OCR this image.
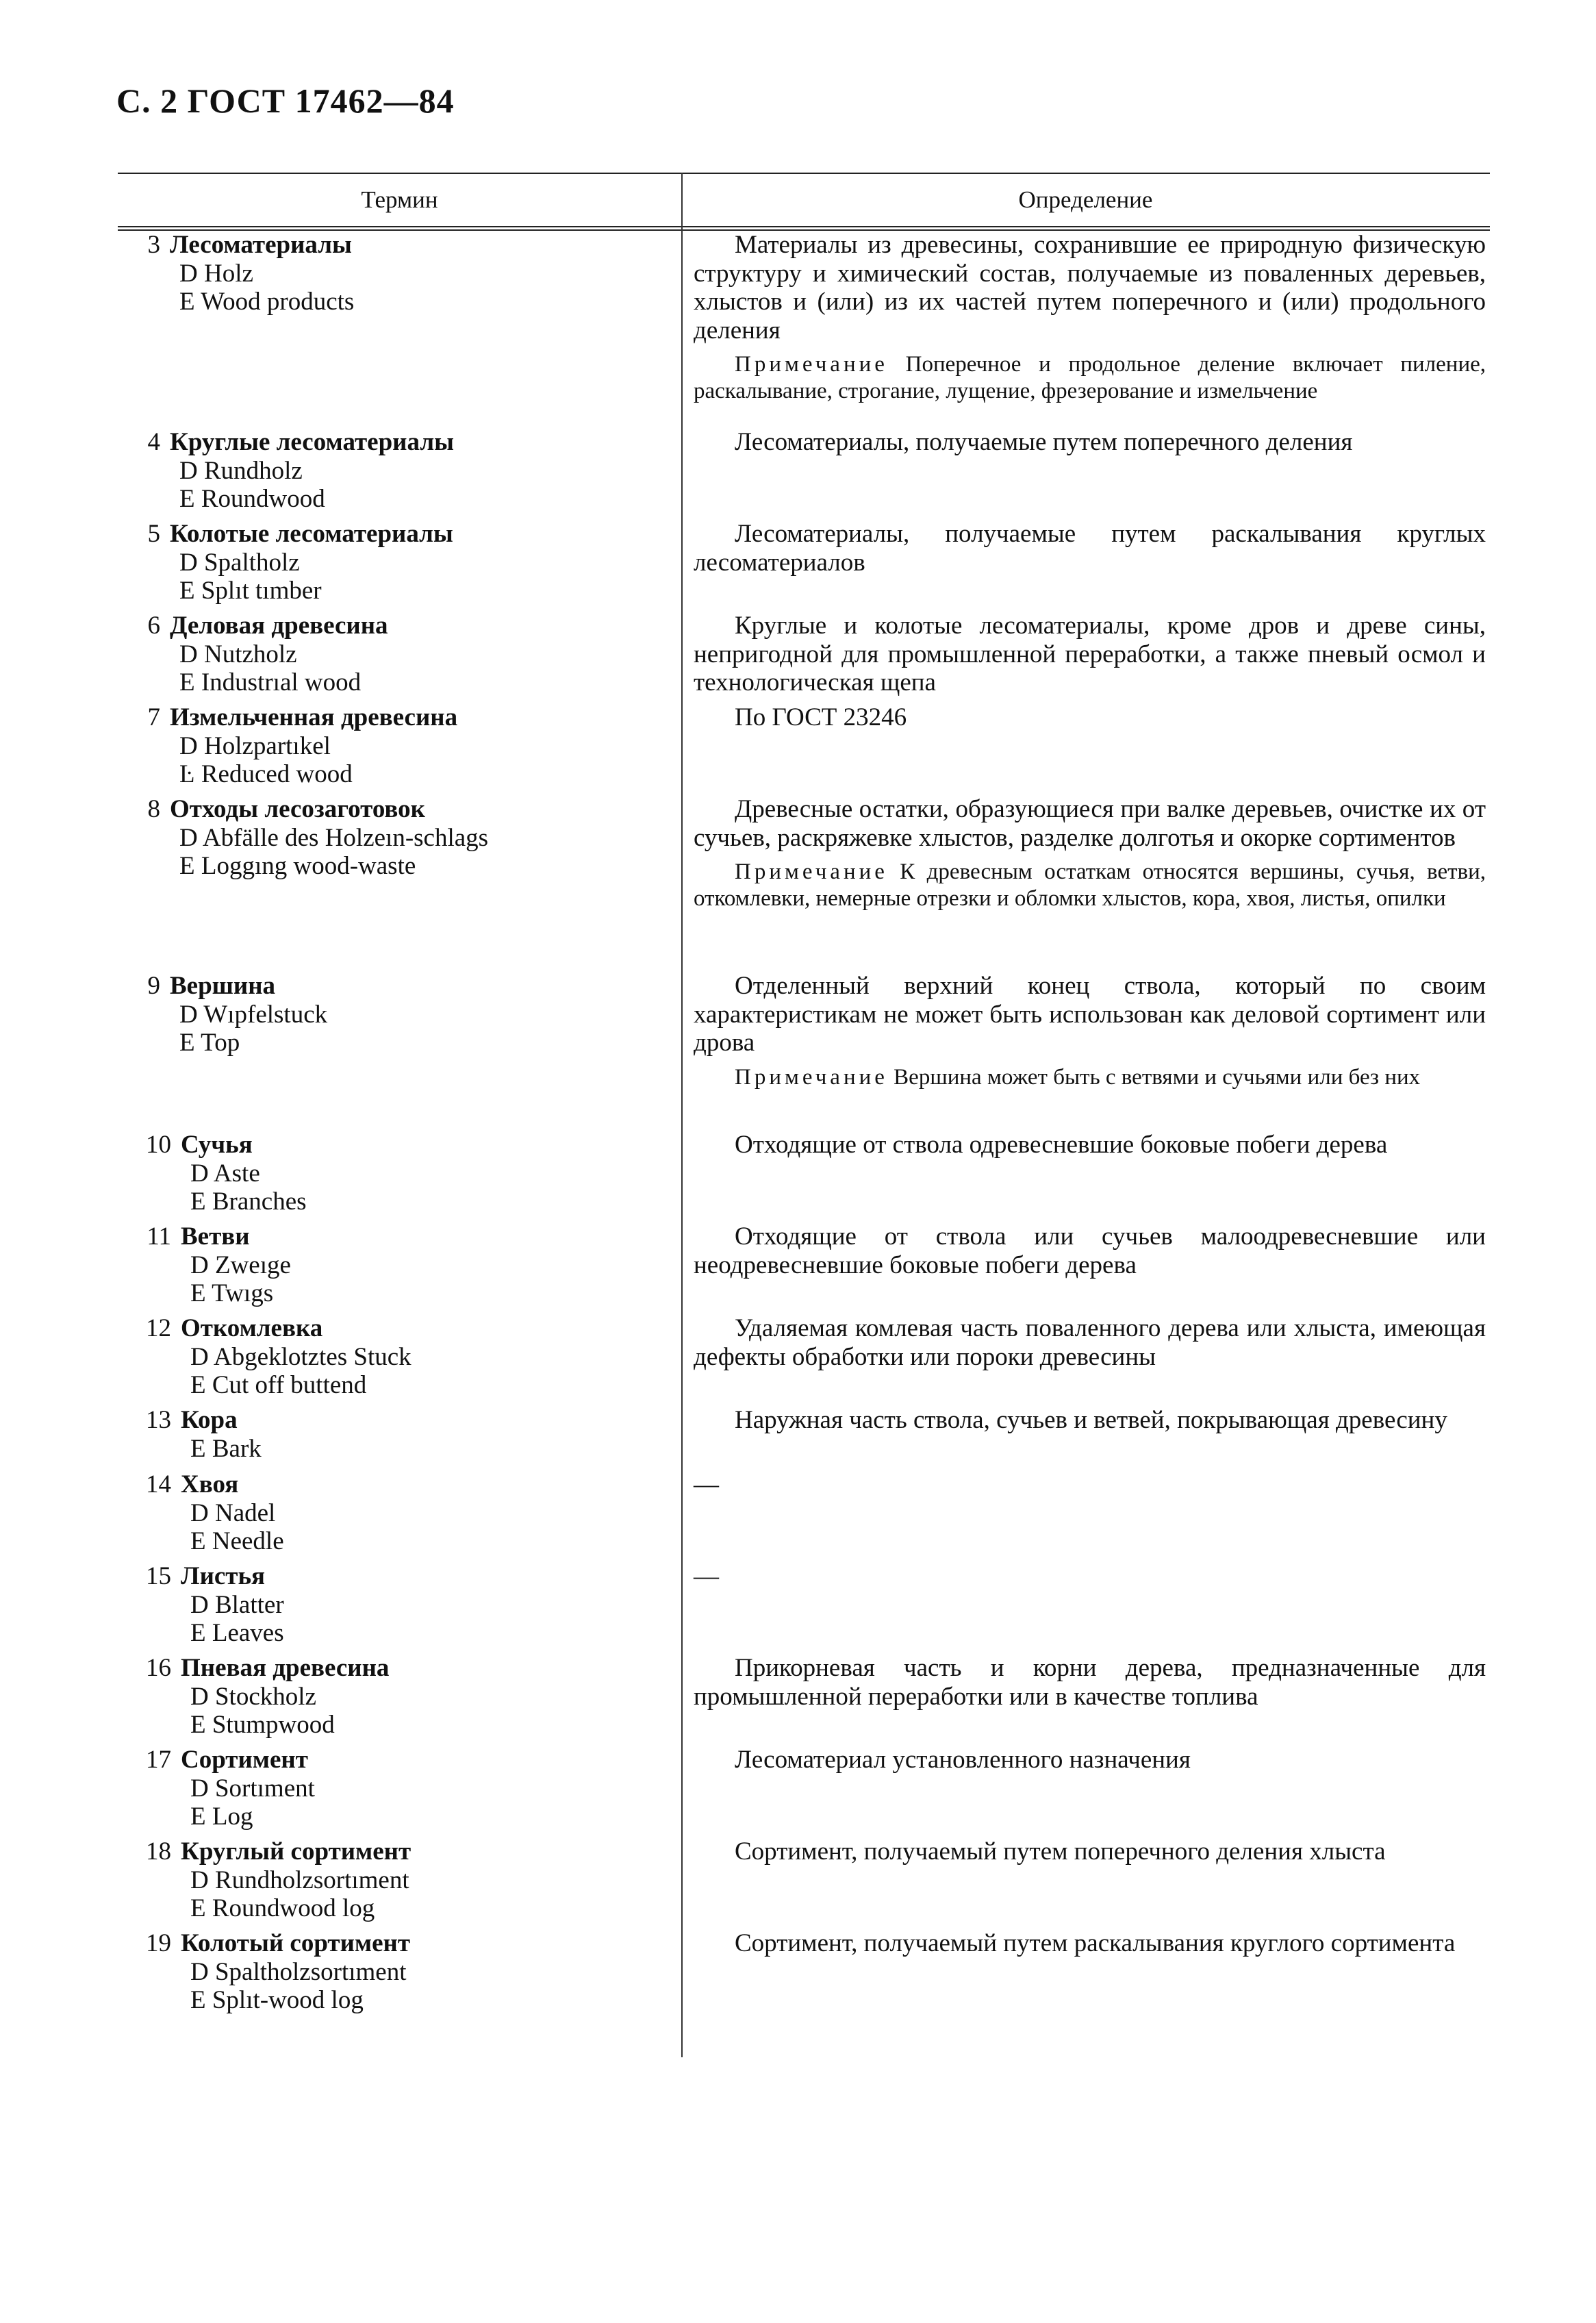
С. 2 ГОСТ 17462—84
Термин	Определение
3 Лесоматериалы
D Holz
E Wood products

Материалы из древесины, сохранившие ее природную физическую структуру и химический состав, получаемые из поваленных деревьев, хлыстов и (или) из их частей путем поперечного и (или) продольного деления

Примечание Поперечное и продольное деление включает пиление, раскалывание, строгание, лущение, фрезерование и измельчение

4 Круглые лесоматериалы
D Rundholz
E Roundwood

Лесоматериалы, получаемые путем поперечного деления

5 Колотые лесоматериалы
D Spaltholz
E Splıt tımber

Лесоматериалы, получаемые путем раскалывания круглых лесоматериалов

6 Деловая древесина
D Nutzholz
E Industrıal wood

Круглые и колотые лесоматериалы, кроме дров и древе сины, непригодной для промышленной переработки, а также пневый осмол и технологическая щепа

7 Измельченная древесина
D Holzpartıkel
Ŀ Reduced wood

По ГОСТ 23246

8 Отходы лесозаготовок
D Abfälle des Holzeın-schlags
E Loggıng wood-waste

Древесные остатки, образующиеся при валке деревьев, очистке их от сучьев, раскряжевке хлыстов, разделке долготья и окорке сортиментов

Примечание К древесным остаткам относятся вершины, сучья, ветви, откомлевки, немерные отрезки и обломки хлыстов, кора, хвоя, листья, опилки

9 Вершина
D Wıpfelstuck
E Top

Отделенный верхний конец ствола, который по своим характеристикам не может быть использован как деловой сортимент или дрова

Примечание Вершина может быть с ветвями и сучьями или без них

10 Сучья
D Aste
E Branches

Отходящие от ствола одревесневшие боковые побеги дерева

11 Ветви
D Zweıge
E Twıgs

Отходящие от ствола или сучьев малоодревесневшие или неодревесневшие боковые побеги дерева

12 Откомлевка
D Abgeklotztes Stuck
E Cut off buttend

Удаляемая комлевая часть поваленного дерева или хлыста, имеющая дефекты обработки или пороки древесины

13 Кора
E Bark

Наружная часть ствола, сучьев и ветвей, покрывающая древесину

14 Хвоя
D Nadel
E Needle

—

15 Листья
D Blatter
E Leaves

—

16 Пневая древесина
D Stockholz
E Stumpwood

Прикорневая часть и корни дерева, предназначенные для промышленной переработки или в качестве топлива

17 Сортимент
D Sortıment
E Log

Лесоматериал установленного назначения

18 Круглый сортимент
D Rundholzsortıment
E Roundwood log

Сортимент, получаемый путем поперечного деления хлыста

19 Колотый сортимент
D Spaltholzsortıment
E Splıt-wood log

Сортимент, получаемый путем раскалывания круглого сортимента
